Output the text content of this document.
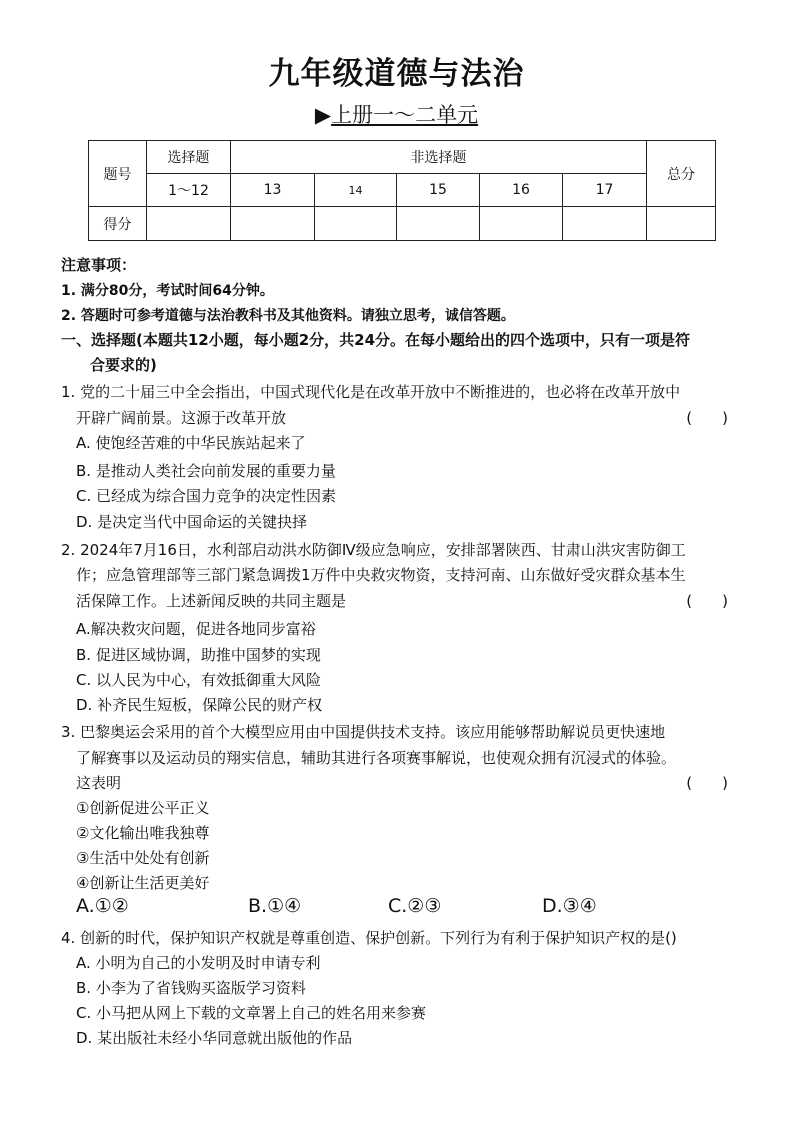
九年级道德与法治
▶上册一～二单元
题号	选择题	非选择题					总分
	1～12	13	14	15	16	17	
得分							
注意事项：
1. 满分80分，考试时间64分钟。
2. 答题时可参考道德与法治教科书及其他资料。请独立思考，诚信答题。
一、选择题(本题共12小题，每小题2分，共24分。在每小题给出的四个选项中，只有一项是符
合要求的)
1. 党的二十届三中全会指出，中国式现代化是在改革开放中不断推进的，也必将在改革开放中
开辟广阔前景。这源于改革开放	(　　)
A. 使饱经苦难的中华民族站起来了
B. 是推动人类社会向前发展的重要力量
C. 已经成为综合国力竞争的决定性因素
D. 是决定当代中国命运的关键抉择
2. 2024年7月16日，水利部启动洪水防御Ⅳ级应急响应，安排部署陕西、甘肃山洪灾害防御工
作；应急管理部等三部门紧急调拨1万件中央救灾物资，支持河南、山东做好受灾群众基本生
活保障工作。上述新闻反映的共同主题是	(　　)
A.解决救灾问题，促进各地同步富裕
B. 促进区域协调，助推中国梦的实现
C. 以人民为中心，有效抵御重大风险
D. 补齐民生短板，保障公民的财产权
3. 巴黎奥运会采用的首个大模型应用由中国提供技术支持。该应用能够帮助解说员更快速地
了解赛事以及运动员的翔实信息，辅助其进行各项赛事解说，也使观众拥有沉浸式的体验。
这表明	(　　)
①创新促进公平正义
②文化输出唯我独尊
③生活中处处有创新
④创新让生活更美好
A.①②	B.①④	C.②③	D.③④
4. 创新的时代，保护知识产权就是尊重创造、保护创新。下列行为有利于保护知识产权的是()
A. 小明为自己的小发明及时申请专利
B. 小李为了省钱购买盗版学习资料
C. 小马把从网上下载的文章署上自己的姓名用来参赛
D. 某出版社未经小华同意就出版他的作品
